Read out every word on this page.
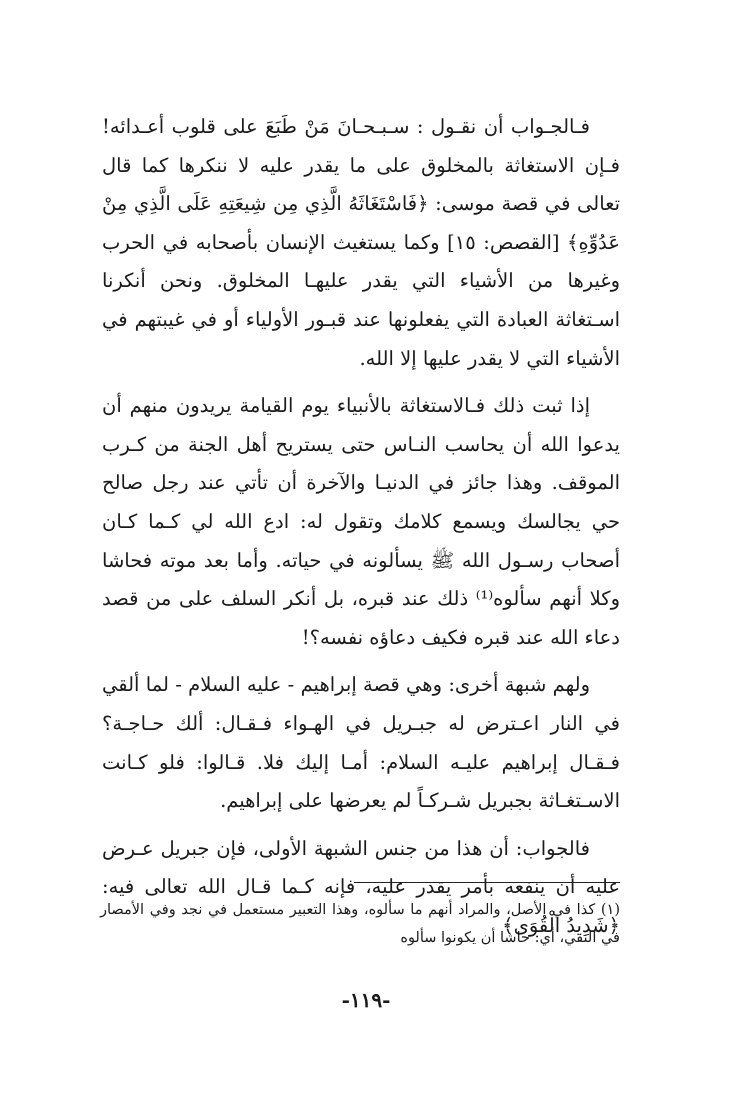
فـالجـواب أن نقـول : سـبـحـانَ مَنْ طَبَعَ على قلوب أعـدائه! فـإن الاستغاثة بالمخلوق على ما يقدر عليه لا ننكرها كما قال تعالى في قصة موسى: ﴿فَاسْتَغَاثَهُ الَّذِي مِن شِيعَتِهِ عَلَى الَّذِي مِنْ عَدُوِّهِ﴾ [القصص: ١٥] وكما يستغيث الإنسان بأصحابه في الحرب وغيرها من الأشياء التي يقدر عليهـا المخلوق. ونحن أنكرنا اسـتغاثة العبادة التي يفعلونها عند قبـور الأولياء أو في غيبتهم في الأشياء التي لا يقدر عليها إلا الله.

إذا ثبت ذلك فـالاستغاثة بالأنبياء يوم القيامة يريدون منهم أن يدعوا الله أن يحاسب النـاس حتى يستريح أهل الجنة من كـرب الموقف. وهذا جائز في الدنيـا والآخرة أن تأتي عند رجل صالح حي يجالسك ويسمع كلامك وتقول له: ادع الله لي كـما كـان أصحاب رسـول الله ﷺ يسألونه في حياته. وأما بعد موته فحاشا وكلا أنهم سألوه⁽¹⁾ ذلك عند قبره، بل أنكر السلف على من قصد دعاء الله عند قبره فكيف دعاؤه نفسه؟!

ولهم شبهة أخرى: وهي قصة إبراهيم - عليه السلام - لما ألقي في النار اعـترض له جبـريل في الهـواء فـقـال: ألك حـاجـة؟ فـقـال إبراهيم عليـه السلام: أمـا إليك فلا. قـالوا: فلو كـانت الاسـتغـاثة بجبريل شـركـاً لم يعرضها على إبراهيم.

فالجواب: أن هذا من جنس الشبهة الأولى، فإن جبريل عـرض عليه أن ينفعه بأمر يقدر عليه، فإنه كـما قـال الله تعالى فيه: ﴿شَدِيدُ الْقُوَى﴾

(١) كذا في الأصل، والمراد أنهم ما سألوه، وهذا التعبير مستعمل في نجد وفي الأمصار في النفي، أي: حاشا أن يكونوا سألوه
-١١٩-
